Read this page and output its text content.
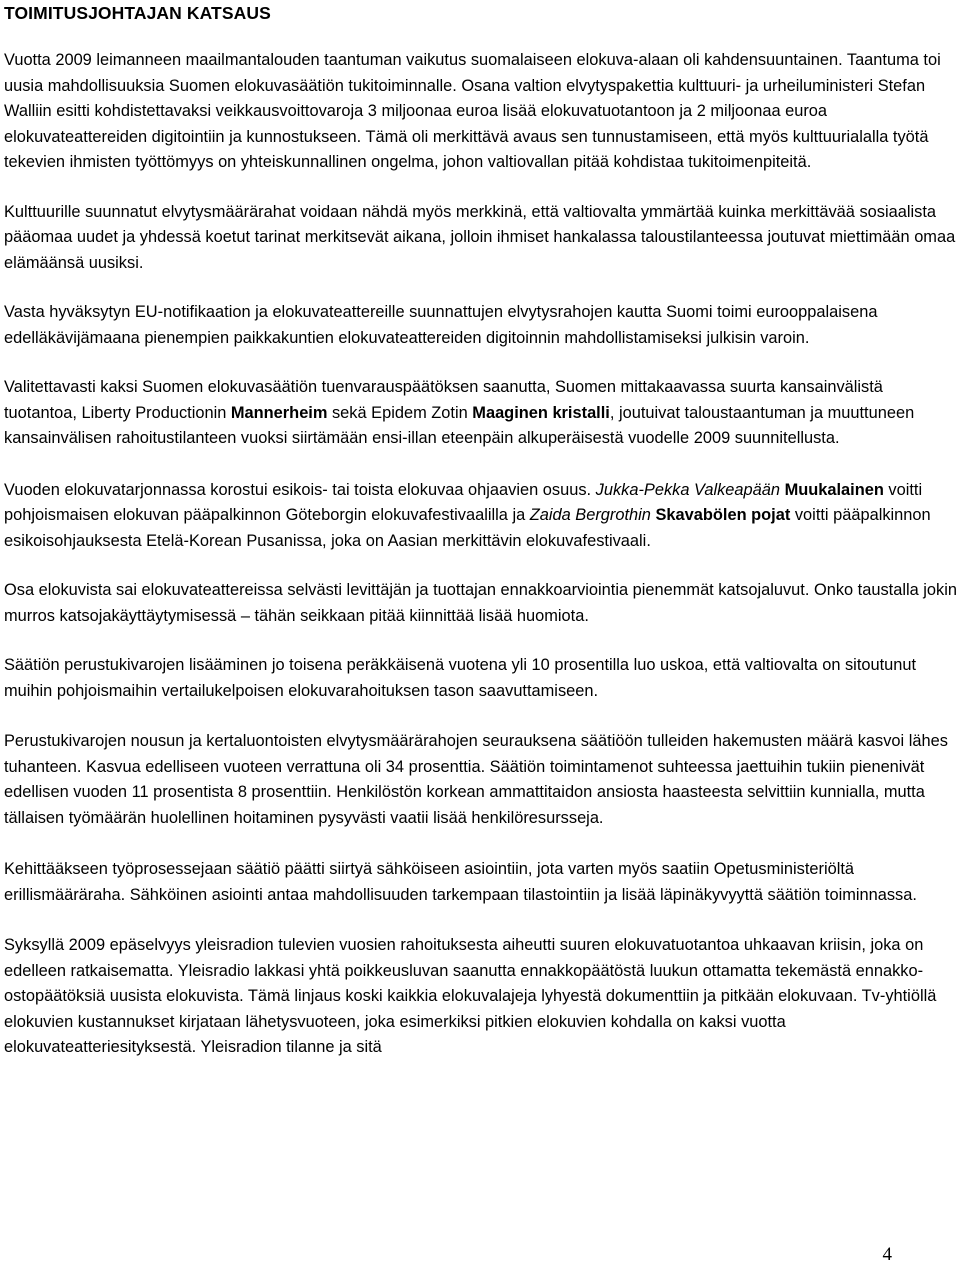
TOIMITUSJOHTAJAN KATSAUS

Vuotta 2009 leimanneen maailmantalouden taantuman vaikutus suomalaiseen elokuva-alaan oli kahdensuuntainen. Taantuma toi uusia mahdollisuuksia Suomen elokuvasäätiön tukitoiminnalle. Osana valtion elvytyspakettia kulttuuri- ja urheiluministeri Stefan Walliin esitti kohdistettavaksi veikkausvoittovaroja 3 miljoonaa euroa lisää elokuvatuotantoon ja 2 miljoonaa euroa elokuvateattereiden digitointiin ja kunnostukseen. Tämä oli merkittävä avaus sen tunnustamiseen, että myös kulttuurialalla työtä tekevien ihmisten työttömyys on yhteiskunnallinen ongelma, johon valtiovallan pitää kohdistaa tukitoimenpiteitä.

Kulttuurille suunnatut elvytysmäärärahat voidaan nähdä myös merkkinä, että valtiovalta ymmärtää kuinka merkittävää sosiaalista pääomaa uudet ja yhdessä koetut tarinat merkitsevät aikana, jolloin ihmiset hankalassa taloustilanteessa joutuvat miettimään omaa elämäänsä uusiksi.

Vasta hyväksytyn EU-notifikaation ja elokuvateattereille suunnattujen elvytysrahojen kautta Suomi toimi eurooppalaisena edelläkävijämaana pienempien paikkakuntien elokuvateattereiden digitoinnin mahdollistamiseksi julkisin varoin.

Valitettavasti kaksi Suomen elokuvasäätiön tuenvarauspäätöksen saanutta, Suomen mittakaavassa suurta kansainvälistä tuotantoa, Liberty Productionin Mannerheim sekä Epidem Zotin Maaginen kristalli, joutuivat taloustaantuman ja muuttuneen kansainvälisen rahoitustilanteen vuoksi siirtämään ensi-illan eteenpäin alkuperäisestä vuodelle 2009 suunnitellusta.

Vuoden elokuvatarjonnassa korostui esikois- tai toista elokuvaa ohjaavien osuus. Jukka-Pekka Valkeapään Muukalainen voitti pohjoismaisen elokuvan pääpalkinnon Göteborgin elokuvafestivaalilla ja Zaida Bergrothin Skavabölen pojat voitti pääpalkinnon esikoisohjauksesta Etelä-Korean Pusanissa, joka on Aasian merkittävin elokuvafestivaali.

Osa elokuvista sai elokuvateattereissa selvästi levittäjän ja tuottajan ennakkoarviointia pienemmät katsojaluvut. Onko taustalla jokin murros katsojakäyttäytymisessä – tähän seikkaan pitää kiinnittää lisää huomiota.

Säätiön perustukivarojen lisääminen jo toisena peräkkäisenä vuotena yli 10 prosentilla luo uskoa, että valtiovalta on sitoutunut muihin pohjoismaihin vertailukelpoisen elokuvarahoituksen tason saavuttamiseen.

Perustukivarojen nousun ja kertaluontoisten elvytysmäärärahojen seurauksena säätiöön tulleiden hakemusten määrä kasvoi lähes tuhanteen. Kasvua edelliseen vuoteen verrattuna oli 34 prosenttia. Säätiön toimintamenot suhteessa jaettuihin tukiin pienenivät edellisen vuoden 11 prosentista 8 prosenttiin. Henkilöstön korkean ammattitaidon ansiosta haasteesta selvittiin kunnialla, mutta tällaisen työmäärän huolellinen hoitaminen pysyvästi vaatii lisää henkilöresursseja.

Kehittääkseen työprosessejaan säätiö päätti siirtyä sähköiseen asiointiin, jota varten myös saatiin Opetusministeriöltä erillismääräraha. Sähköinen asiointi antaa mahdollisuuden tarkempaan tilastointiin ja lisää läpinäkyvyyttä säätiön toiminnassa.

Syksyllä 2009 epäselvyys yleisradion tulevien vuosien rahoituksesta aiheutti suuren elokuvatuotantoa uhkaavan kriisin, joka on edelleen ratkaisematta. Yleisradio lakkasi yhtä poikkeusluvan saanutta ennakkopäätöstä luukun ottamatta tekemästä ennakko-ostopäätöksiä uusista elokuvista. Tämä linjaus koski kaikkia elokuvalajeja lyhyestä dokumenttiin ja pitkään elokuvaan. Tv-yhtiöllä elokuvien kustannukset kirjataan lähetysvuoteen, joka esimerkiksi pitkien elokuvien kohdalla on kaksi vuotta elokuvateatteriesityksestä. Yleisradion tilanne ja sitä

4
